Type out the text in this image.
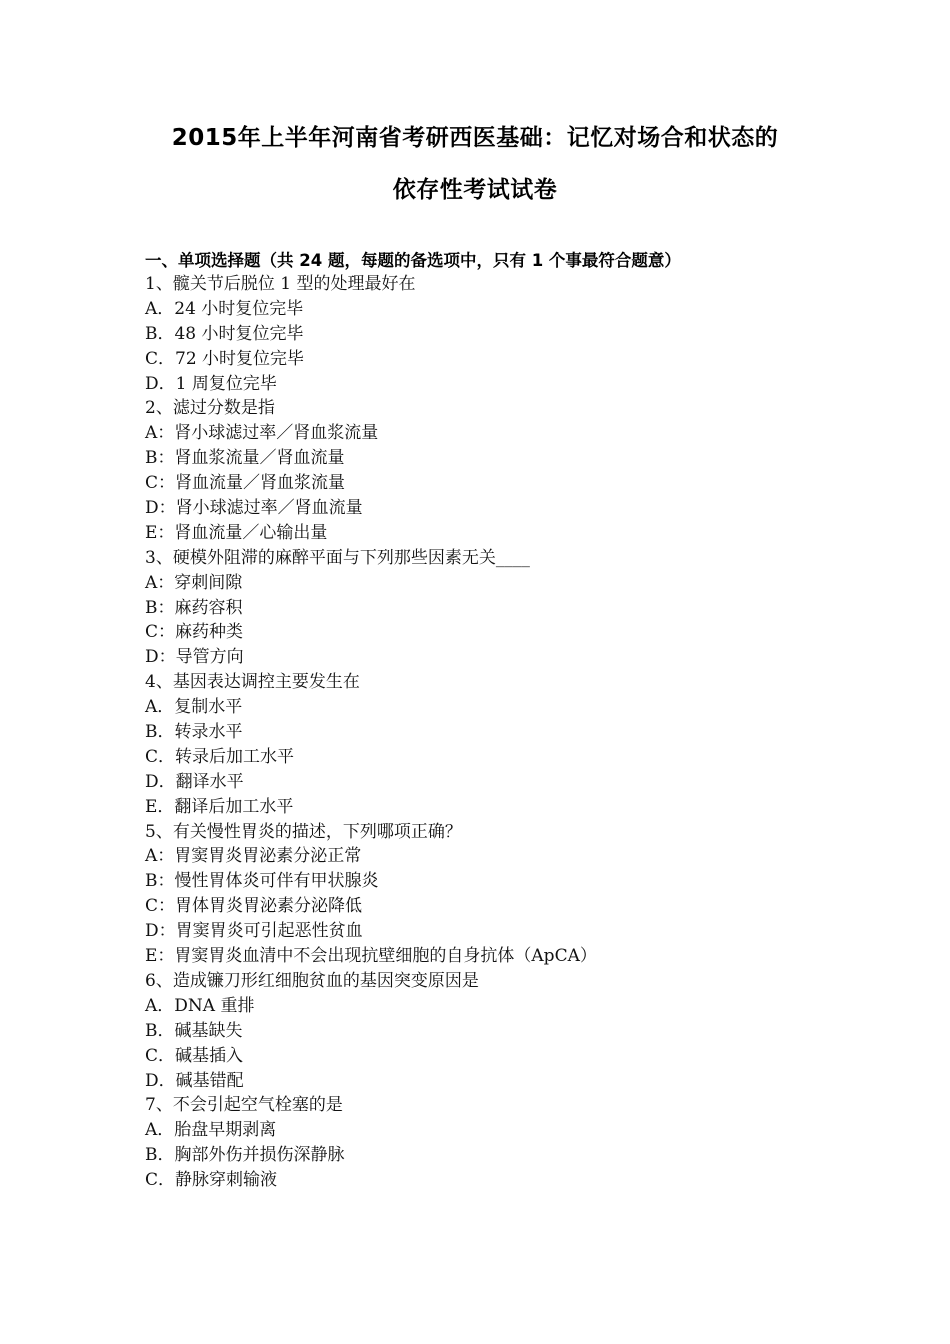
2015年上半年河南省考研西医基础：记忆对场合和状态的
依存性考试试卷
一、单项选择题（共 24 题，每题的备选项中，只有 1 个事最符合题意）
1、髋关节后脱位 1 型的处理最好在
A．24 小时复位完毕
B．48 小时复位完毕
C．72 小时复位完毕
D．1 周复位完毕
2、滤过分数是指
A：肾小球滤过率／肾血浆流量
B：肾血浆流量／肾血流量
C：肾血流量／肾血浆流量
D：肾小球滤过率／肾血流量
E：肾血流量／心输出量
3、硬模外阻滞的麻醉平面与下列那些因素无关____
A：穿刺间隙
B：麻药容积
C：麻药种类
D：导管方向
4、基因表达调控主要发生在
A．复制水平
B．转录水平
C．转录后加工水平
D．翻译水平
E．翻译后加工水平
5、有关慢性胃炎的描述，下列哪项正确？
A：胃窦胃炎胃泌素分泌正常
B：慢性胃体炎可伴有甲状腺炎
C：胃体胃炎胃泌素分泌降低
D：胃窦胃炎可引起恶性贫血
E：胃窦胃炎血清中不会出现抗壁细胞的自身抗体（ApCA）
6、造成镰刀形红细胞贫血的基因突变原因是
A．DNA 重排
B．碱基缺失
C．碱基插入
D．碱基错配
7、不会引起空气栓塞的是
A．胎盘早期剥离
B．胸部外伤并损伤深静脉
C．静脉穿刺输液
